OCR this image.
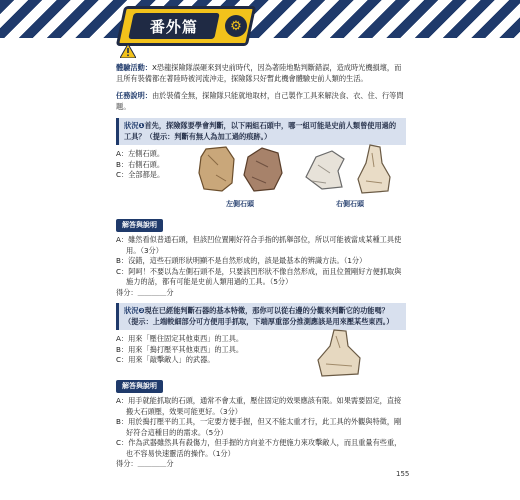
番外篇	⚙

體驗活動：X恐龍探險隊誤砸來到史前時代，因為著陸地點判斷錯誤，造成時光機損壞，而且所有裝備都在著陸時被河流沖走，探險隊只好暫此機會體驗史前人類的生活。

任務說明：由於裝備全無，探險隊只能就地取材，自己製作工具來解決食、衣、住、行等問題。

狀況❶首先，探險隊要學會判斷，以下兩組石頭中，哪一組可能是史前人類曾使用過的工具？（提示：判斷有無人為加工過的痕跡。）
A：左側石頭。
B：右側石頭。
C：全部都是。
左側石頭	右側石頭
解答與說明
A：雖然看似普通石頭，但該凹位置剛好符合手指的抓舉部位，所以可能被當成某種工具使用。（3分）
B：沒錯，這些石頭形狀明顯不是自然形成的，該是最基本的辨識方法。（1分）
C：阿呵！不要以為左側石頭不是，只要該凹形狀不像自然形成，而且位置剛好方便抓取與施力的話，都有可能是史前人類用過的工具。（5分）
得分：＿＿＿＿分
狀況❷現在已經能判斷石器的基本特徵，那你可以從右邊的分觀來判斷它的功能嗎？（提示：上端較細部分可方便用手抓取，下端厚重部分推測應該是用來壓某些東西。）
A：用來「壓住固定其他東西」的工具。
B：用來「搗打壓平其他東西」的工具。
C：用來「敲擊敵人」的武器。
解答與說明
A：用手就能抓取的石頭，通常不會太重，壓住固定的效果應該有限。如果需要固定，直接搬大石頭壓，效果可能更好。（3分）
B：用於搗打壓平的工具，一定要方便手握，但又不能太重才行，此工具的外觀與特徵，剛好符合這種目的的需求。（5分）
C：作為武器雖然具有殺傷力，但手握的方向並不方便施力來攻擊敵人，而且重量有些重，也不容易快速靈活的操作。（1分）
得分：＿＿＿＿分
155
